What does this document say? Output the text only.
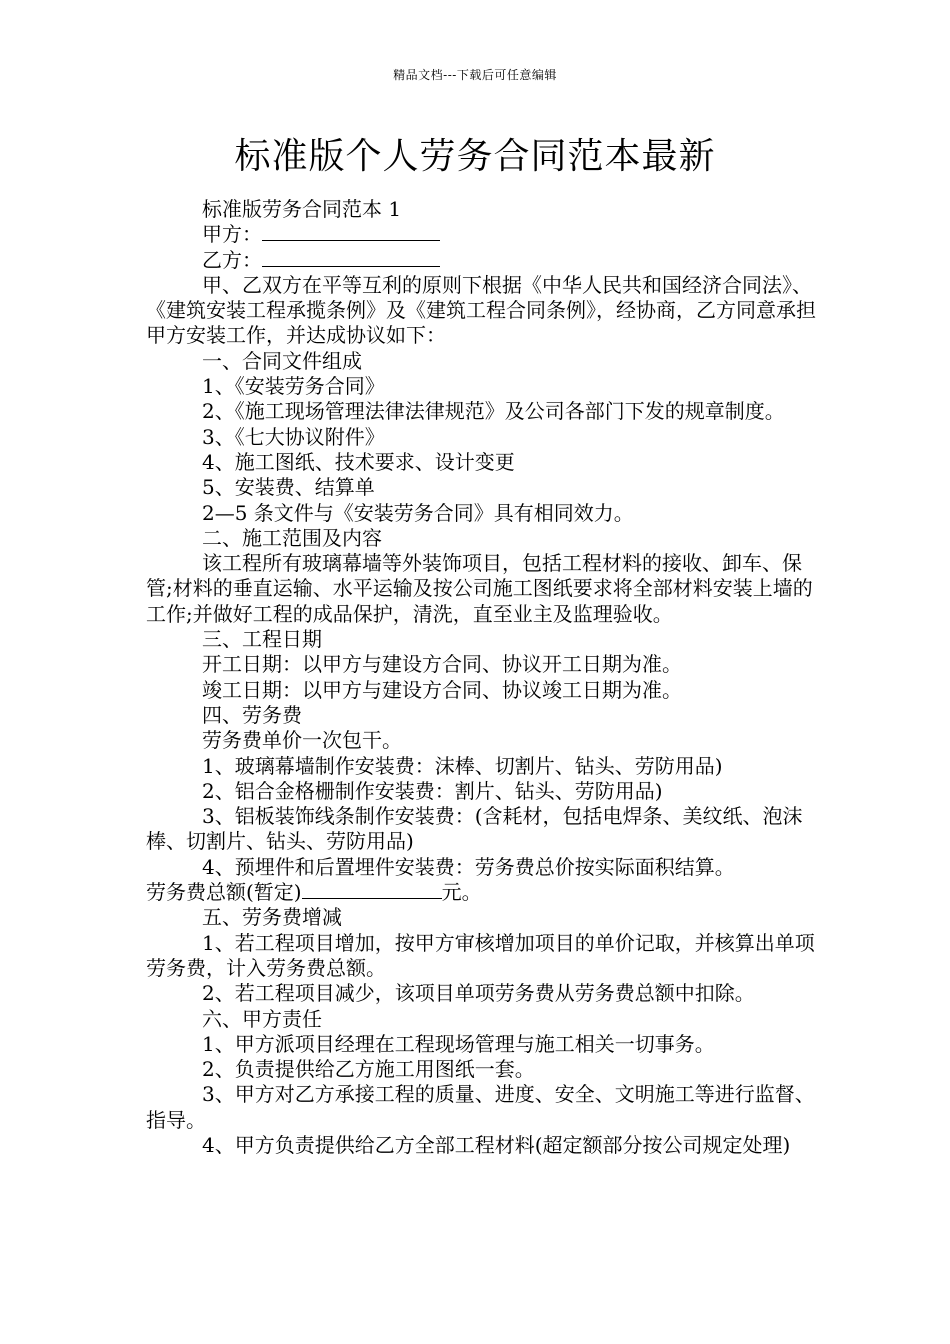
精品文档---下载后可任意编辑
标准版个人劳务合同范本最新

标准版劳务合同范本 1

甲方：

乙方：

甲、乙双方在平等互利的原则下根据《中华人民共和国经济合同法》、《建筑安装工程承揽条例》及《建筑工程合同条例》，经协商，乙方同意承担甲方安装工作，并达成协议如下：

一、合同文件组成

1、《安装劳务合同》

2、《施工现场管理法律法律规范》及公司各部门下发的规章制度。

3、《七大协议附件》

4、施工图纸、技术要求、设计变更

5、安装费、结算单

2—5 条文件与《安装劳务合同》具有相同效力。

二、施工范围及内容

该工程所有玻璃幕墙等外装饰项目，包括工程材料的接收、卸车、保管;材料的垂直运输、水平运输及按公司施工图纸要求将全部材料安装上墙的工作;并做好工程的成品保护，清洗，直至业主及监理验收。

三、工程日期

开工日期：以甲方与建设方合同、协议开工日期为准。

竣工日期：以甲方与建设方合同、协议竣工日期为准。

四、劳务费

劳务费单价一次包干。

1、玻璃幕墙制作安装费：沫棒、切割片、钻头、劳防用品)

2、铝合金格栅制作安装费：割片、钻头、劳防用品)

3、铝板装饰线条制作安装费：(含耗材，包括电焊条、美纹纸、泡沫棒、切割片、钻头、劳防用品)

4、预埋件和后置埋件安装费：劳务费总价按实际面积结算。

劳务费总额(暂定)	元。

五、劳务费增减

1、若工程项目增加，按甲方审核增加项目的单价记取，并核算出单项劳务费，计入劳务费总额。

2、若工程项目减少，该项目单项劳务费从劳务费总额中扣除。

六、甲方责任

1、甲方派项目经理在工程现场管理与施工相关一切事务。

2、负责提供给乙方施工用图纸一套。

3、甲方对乙方承接工程的质量、进度、安全、文明施工等进行监督、指导。

4、甲方负责提供给乙方全部工程材料(超定额部分按公司规定处理)
